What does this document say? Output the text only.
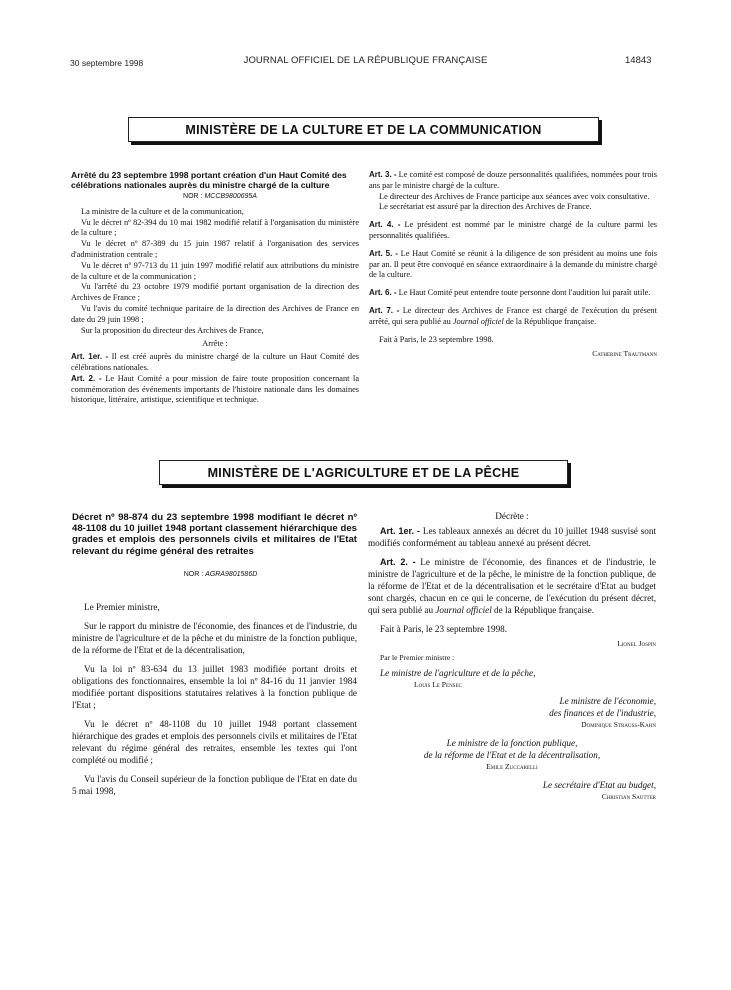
30 septembre 1998	JOURNAL OFFICIEL DE LA RÉPUBLIQUE FRANÇAISE	14843
MINISTÈRE DE LA CULTURE ET DE LA COMMUNICATION
Arrêté du 23 septembre 1998 portant création d'un Haut Comité des célébrations nationales auprès du ministre chargé de la culture

NOR : MCCB9800695A

La ministre de la culture et de la communication,

Vu le décret nº 82-394 du 10 mai 1982 modifié relatif à l'organisation du ministère de la culture ;

Vu le décret nº 87-389 du 15 juin 1987 relatif à l'organisation des services d'administration centrale ;

Vu le décret nº 97-713 du 11 juin 1997 modifié relatif aux attributions du ministre de la culture et de la communication ;

Vu l'arrêté du 23 octobre 1979 modifié portant organisation de la direction des Archives de France ;

Vu l'avis du comité technique paritaire de la direction des Archives de France en date du 29 juin 1998 ;

Sur la proposition du directeur des Archives de France,

Arrête :

Art. 1er. - Il est créé auprès du ministre chargé de la culture un Haut Comité des célébrations nationales.

Art. 2. - Le Haut Comité a pour mission de faire toute proposition concernant la commémoration des événements importants de l'histoire nationale dans les domaines historique, littéraire, artistique, scientifique et technique.

Art. 3. - Le comité est composé de douze personnalités qualifiées, nommées pour trois ans par le ministre chargé de la culture.

Le directeur des Archives de France participe aux séances avec voix consultative.

Le secrétariat est assuré par la direction des Archives de France.

Art. 4. - Le président est nommé par le ministre chargé de la culture parmi les personnalités qualifiées.

Art. 5. - Le Haut Comité se réunit à la diligence de son président au moins une fois par an. Il peut être convoqué en séance extraordinaire à la demande du ministre chargé de la culture.

Art. 6. - Le Haut Comité peut entendre toute personne dont l'audition lui paraît utile.

Art. 7. - Le directeur des Archives de France est chargé de l'exécution du présent arrêté, qui sera publié au Journal officiel de la République française.

Fait à Paris, le 23 septembre 1998.

Catherine Trautmann

MINISTÈRE DE L'AGRICULTURE ET DE LA PÊCHE
Décret nº 98-874 du 23 septembre 1998 modifiant le décret nº 48-1108 du 10 juillet 1948 portant classement hiérarchique des grades et emplois des personnels civils et militaires de l'Etat relevant du régime général des retraites

NOR : AGRA9801586D

Le Premier ministre,

Sur le rapport du ministre de l'économie, des finances et de l'industrie, du ministre de l'agriculture et de la pêche et du ministre de la fonction publique, de la réforme de l'Etat et de la décentralisation,

Vu la loi nº 83-634 du 13 juillet 1983 modifiée portant droits et obligations des fonctionnaires, ensemble la loi nº 84-16 du 11 janvier 1984 modifiée portant dispositions statutaires relatives à la fonction publique de l'Etat ;

Vu le décret nº 48-1108 du 10 juillet 1948 portant classement hiérarchique des grades et emplois des personnels civils et militaires de l'Etat relevant du régime général des retraites, ensemble les textes qui l'ont complété ou modifié ;

Vu l'avis du Conseil supérieur de la fonction publique de l'Etat en date du 5 mai 1998,

Décrète :

Art. 1er. - Les tableaux annexés au décret du 10 juillet 1948 susvisé sont modifiés conformément au tableau annexé au présent décret.

Art. 2. - Le ministre de l'économie, des finances et de l'industrie, le ministre de l'agriculture et de la pêche, le ministre de la fonction publique, de la réforme de l'Etat et de la décentralisation et le secrétaire d'Etat au budget sont chargés, chacun en ce qui le concerne, de l'exécution du présent décret, qui sera publié au Journal officiel de la République française.

Fait à Paris, le 23 septembre 1998.

Lionel Jospin

Par le Premier ministre :

Le ministre de l'agriculture et de la pêche,

Louis Le Pensec

Le ministre de l'économie,

des finances et de l'industrie,

Dominique Strauss-Kahn

Le ministre de la fonction publique,

de la réforme de l'Etat et de la décentralisation,

Emile Zuccarelli

Le secrétaire d'Etat au budget,

Christian Sautter
